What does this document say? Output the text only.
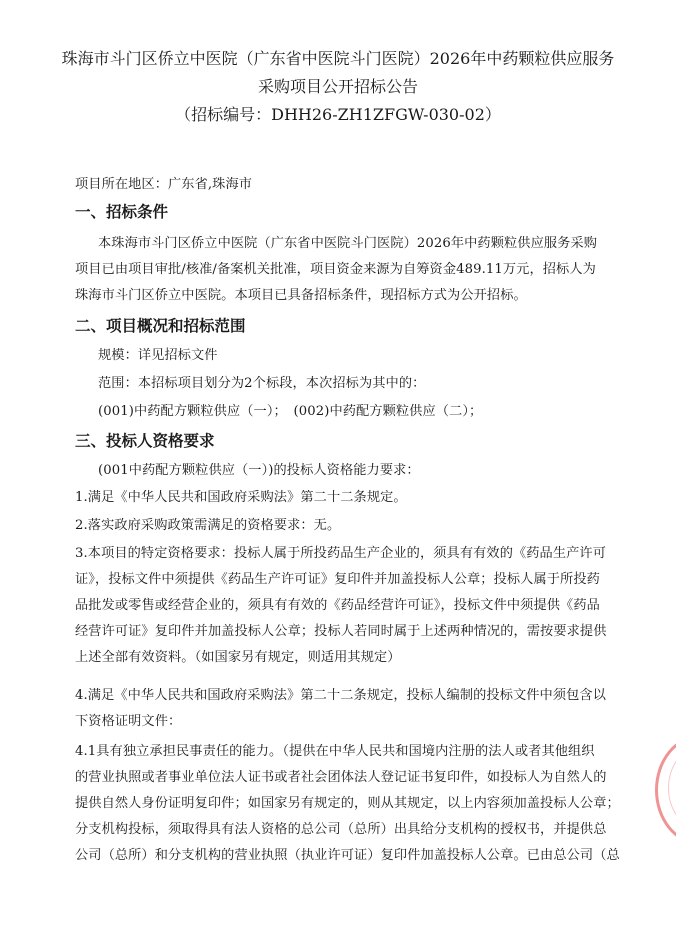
珠海市斗门区侨立中医院（广东省中医院斗门医院）2026年中药颗粒供应服务
采购项目公开招标公告
（招标编号：DHH26-ZH1ZFGW-030-02）
项目所在地区：广东省,珠海市
一、招标条件
本珠海市斗门区侨立中医院（广东省中医院斗门医院）2026年中药颗粒供应服务采购
项目已由项目审批/核准/备案机关批准，项目资金来源为自筹资金489.11万元，招标人为
珠海市斗门区侨立中医院。本项目已具备招标条件，现招标方式为公开招标。
二、项目概况和招标范围
规模：详见招标文件
范围：本招标项目划分为2个标段，本次招标为其中的：
(001)中药配方颗粒供应（一）；　(002)中药配方颗粒供应（二）；
三、投标人资格要求
(001中药配方颗粒供应（一）)的投标人资格能力要求：
1.满足《中华人民共和国政府采购法》第二十二条规定。
2.落实政府采购政策需满足的资格要求：无。
3.本项目的特定资格要求：投标人属于所投药品生产企业的，须具有有效的《药品生产许可
证》，投标文件中须提供《药品生产许可证》复印件并加盖投标人公章；投标人属于所投药
品批发或零售或经营企业的，须具有有效的《药品经营许可证》，投标文件中须提供《药品
经营许可证》复印件并加盖投标人公章；投标人若同时属于上述两种情况的，需按要求提供
上述全部有效资料。（如国家另有规定，则适用其规定）
4.满足《中华人民共和国政府采购法》第二十二条规定，投标人编制的投标文件中须包含以
下资格证明文件：
4.1具有独立承担民事责任的能力。（提供在中华人民共和国境内注册的法人或者其他组织
的营业执照或者事业单位法人证书或者社会团体法人登记证书复印件，如投标人为自然人的
提供自然人身份证明复印件；如国家另有规定的，则从其规定，以上内容须加盖投标人公章；
分支机构投标，须取得具有法人资格的总公司（总所）出具给分支机构的授权书，并提供总
公司（总所）和分支机构的营业执照（执业许可证）复印件加盖投标人公章。已由总公司（总
